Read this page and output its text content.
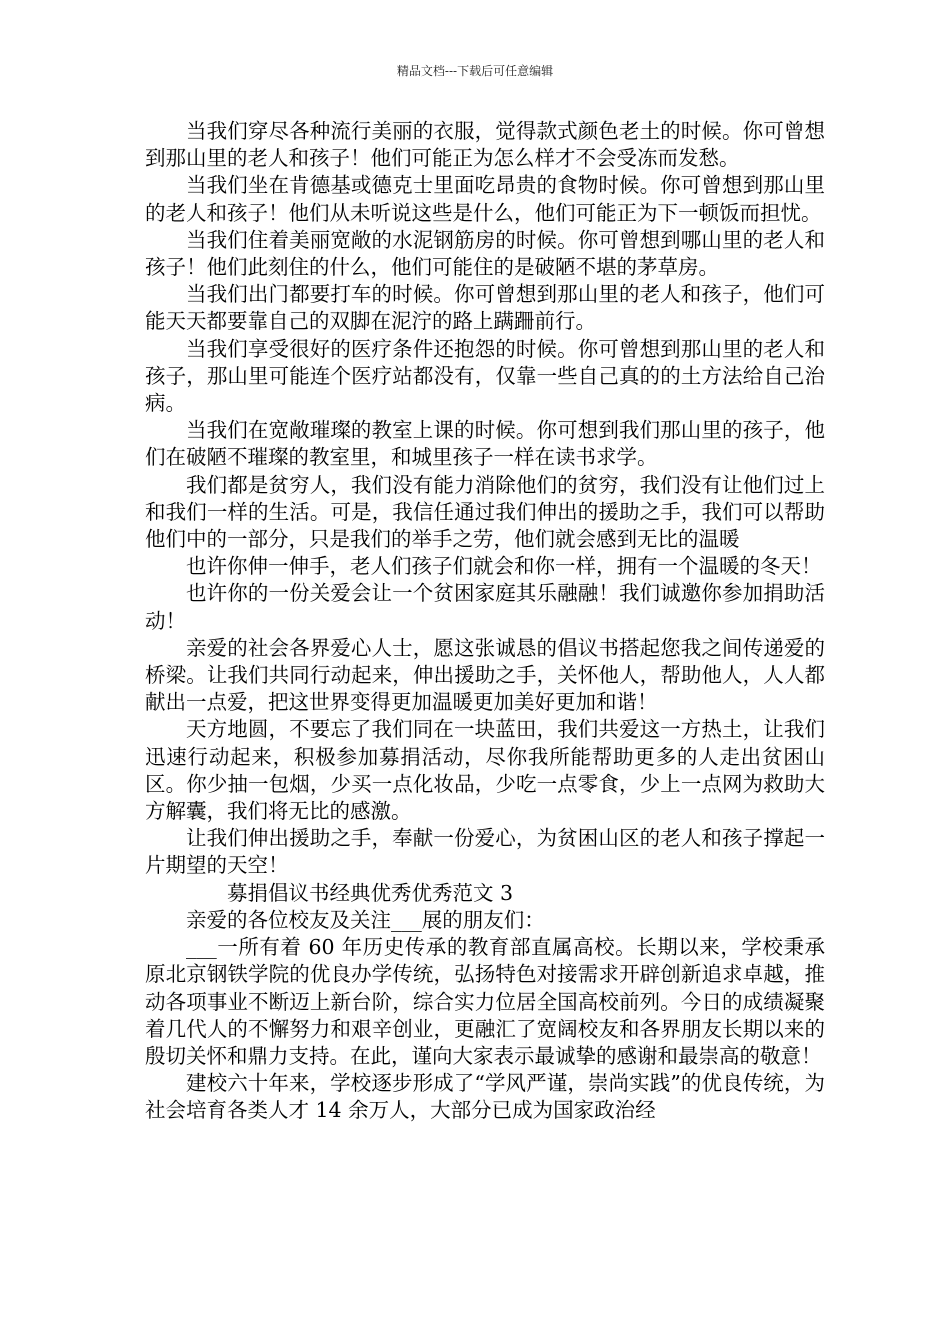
精品文档---下载后可任意编辑

当我们穿尽各种流行美丽的衣服，觉得款式颜色老土的时候。你可曾想到那山里的老人和孩子！他们可能正为怎么样才不会受冻而发愁。

当我们坐在肯德基或德克士里面吃昂贵的食物时候。你可曾想到那山里的老人和孩子！他们从未听说这些是什么，他们可能正为下一顿饭而担忧。

当我们住着美丽宽敞的水泥钢筋房的时候。你可曾想到哪山里的老人和孩子！他们此刻住的什么，他们可能住的是破陋不堪的茅草房。

当我们出门都要打车的时候。你可曾想到那山里的老人和孩子，他们可能天天都要靠自己的双脚在泥泞的路上蹒跚前行。

当我们享受很好的医疗条件还抱怨的时候。你可曾想到那山里的老人和孩子，那山里可能连个医疗站都没有，仅靠一些自己真的的土方法给自己治病。

当我们在宽敞璀璨的教室上课的时候。你可想到我们那山里的孩子，他们在破陋不璀璨的教室里，和城里孩子一样在读书求学。

我们都是贫穷人，我们没有能力消除他们的贫穷，我们没有让他们过上和我们一样的生活。可是，我信任通过我们伸出的援助之手，我们可以帮助他们中的一部分，只是我们的举手之劳，他们就会感到无比的温暖

也许你伸一伸手，老人们孩子们就会和你一样，拥有一个温暖的冬天！

也许你的一份关爱会让一个贫困家庭其乐融融！我们诚邀你参加捐助活动！

亲爱的社会各界爱心人士，愿这张诚恳的倡议书搭起您我之间传递爱的桥梁。让我们共同行动起来，伸出援助之手，关怀他人，帮助他人，人人都献出一点爱，把这世界变得更加温暖更加美好更加和谐！

天方地圆，不要忘了我们同在一块蓝田，我们共爱这一方热土，让我们迅速行动起来，积极参加募捐活动，尽你我所能帮助更多的人走出贫困山区。你少抽一包烟，少买一点化妆品，少吃一点零食，少上一点网为救助大方解囊，我们将无比的感激。

让我们伸出援助之手，奉献一份爱心，为贫困山区的老人和孩子撑起一片期望的天空！

募捐倡议书经典优秀优秀范文 3

亲爱的各位校友及关注___展的朋友们：

___一所有着 60 年历史传承的教育部直属高校。长期以来，学校秉承原北京钢铁学院的优良办学传统，弘扬特色对接需求开辟创新追求卓越，推动各项事业不断迈上新台阶，综合实力位居全国高校前列。今日的成绩凝聚着几代人的不懈努力和艰辛创业，更融汇了宽阔校友和各界朋友长期以来的殷切关怀和鼎力支持。在此，谨向大家表示最诚挚的感谢和最崇高的敬意！

建校六十年来，学校逐步形成了“学风严谨，崇尚实践”的优良传统，为社会培育各类人才 14 余万人，大部分已成为国家政治经
